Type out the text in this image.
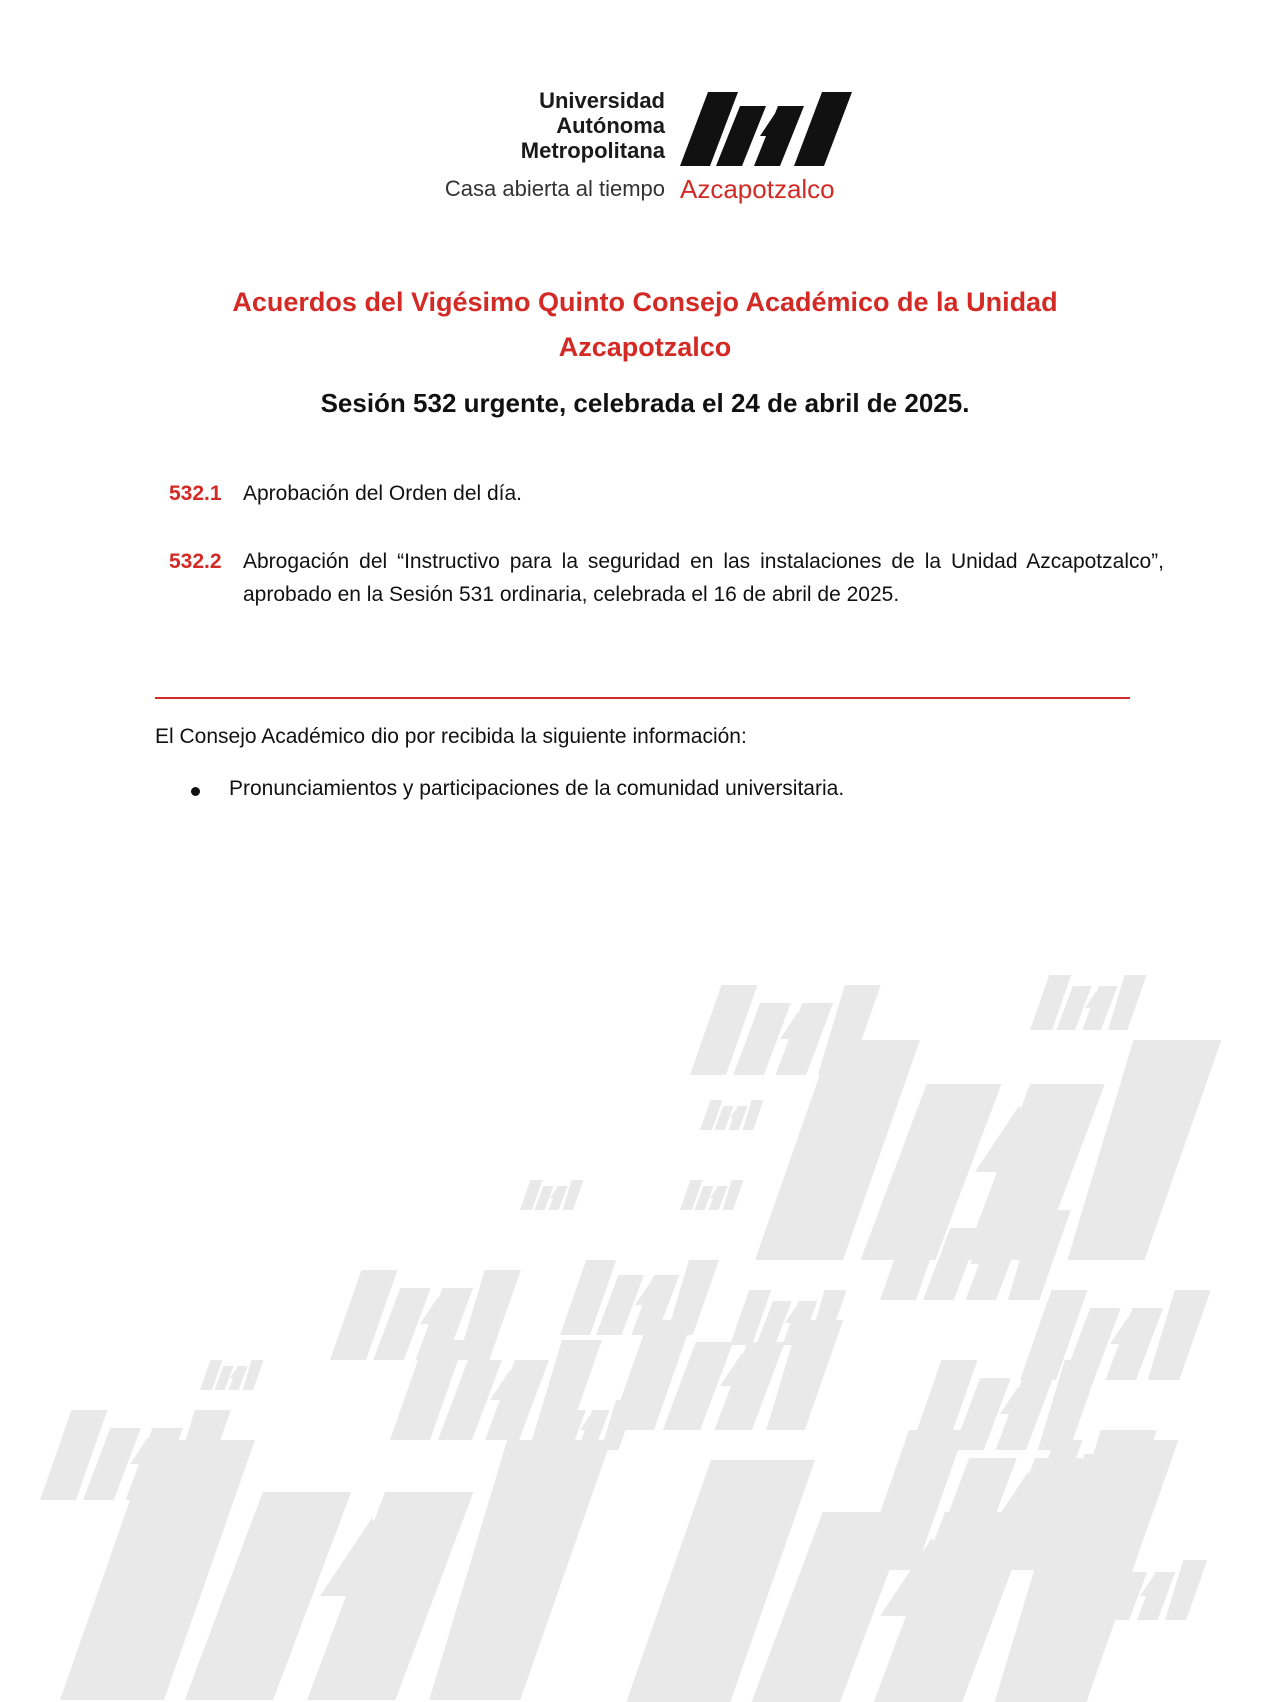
Universidad
Autónoma
Metropolitana
Casa abierta al tiempo Azcapotzalco
Acuerdos del Vigésimo Quinto Consejo Académico de la Unidad
Azcapotzalco
Sesión 532 urgente, celebrada el 24 de abril de 2025.
532.1 Aprobación del Orden del día.
532.2 Abrogación del “Instructivo para la seguridad en las instalaciones de la Unidad Azcapotzalco”, aprobado en la Sesión 531 ordinaria, celebrada el 16 de abril de 2025.
El Consejo Académico dio por recibida la siguiente información:
Pronunciamientos y participaciones de la comunidad universitaria.
